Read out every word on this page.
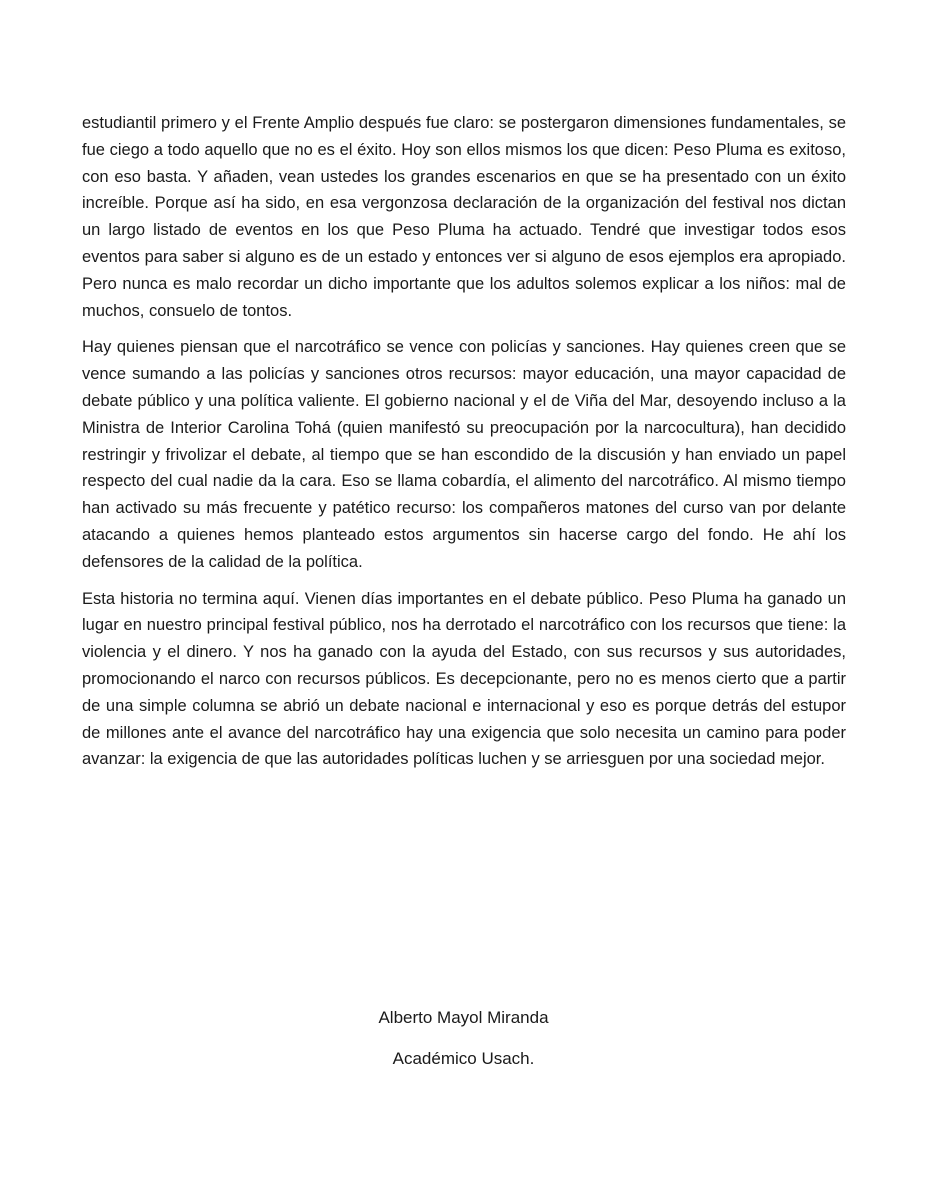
estudiantil primero y el Frente Amplio después fue claro: se postergaron dimensiones fundamentales, se fue ciego a todo aquello que no es el éxito. Hoy son ellos mismos los que dicen: Peso Pluma es exitoso, con eso basta. Y añaden, vean ustedes los grandes escenarios en que se ha presentado con un éxito increíble. Porque así ha sido, en esa vergonzosa declaración de la organización del festival nos dictan un largo listado de eventos en los que Peso Pluma ha actuado. Tendré que investigar todos esos eventos para saber si alguno es de un estado y entonces ver si alguno de esos ejemplos era apropiado. Pero nunca es malo recordar un dicho importante que los adultos solemos explicar a los niños: mal de muchos, consuelo de tontos.

Hay quienes piensan que el narcotráfico se vence con policías y sanciones. Hay quienes creen que se vence sumando a las policías y sanciones otros recursos: mayor educación, una mayor capacidad de debate público y una política valiente. El gobierno nacional y el de Viña del Mar, desoyendo incluso a la Ministra de Interior Carolina Tohá (quien manifestó su preocupación por la narcocultura), han decidido restringir y frivolizar el debate, al tiempo que se han escondido de la discusión y han enviado un papel respecto del cual nadie da la cara. Eso se llama cobardía, el alimento del narcotráfico. Al mismo tiempo han activado su más frecuente y patético recurso: los compañeros matones del curso van por delante atacando a quienes hemos planteado estos argumentos sin hacerse cargo del fondo. He ahí los defensores de la calidad de la política.

Esta historia no termina aquí. Vienen días importantes en el debate público. Peso Pluma ha ganado un lugar en nuestro principal festival público, nos ha derrotado el narcotráfico con los recursos que tiene: la violencia y el dinero. Y nos ha ganado con la ayuda del Estado, con sus recursos y sus autoridades, promocionando el narco con recursos públicos. Es decepcionante, pero no es menos cierto que a partir de una simple columna se abrió un debate nacional e internacional y eso es porque detrás del estupor de millones ante el avance del narcotráfico hay una exigencia que solo necesita un camino para poder avanzar: la exigencia de que las autoridades políticas luchen y se arriesguen por una sociedad mejor.

Alberto Mayol Miranda
Académico Usach.
